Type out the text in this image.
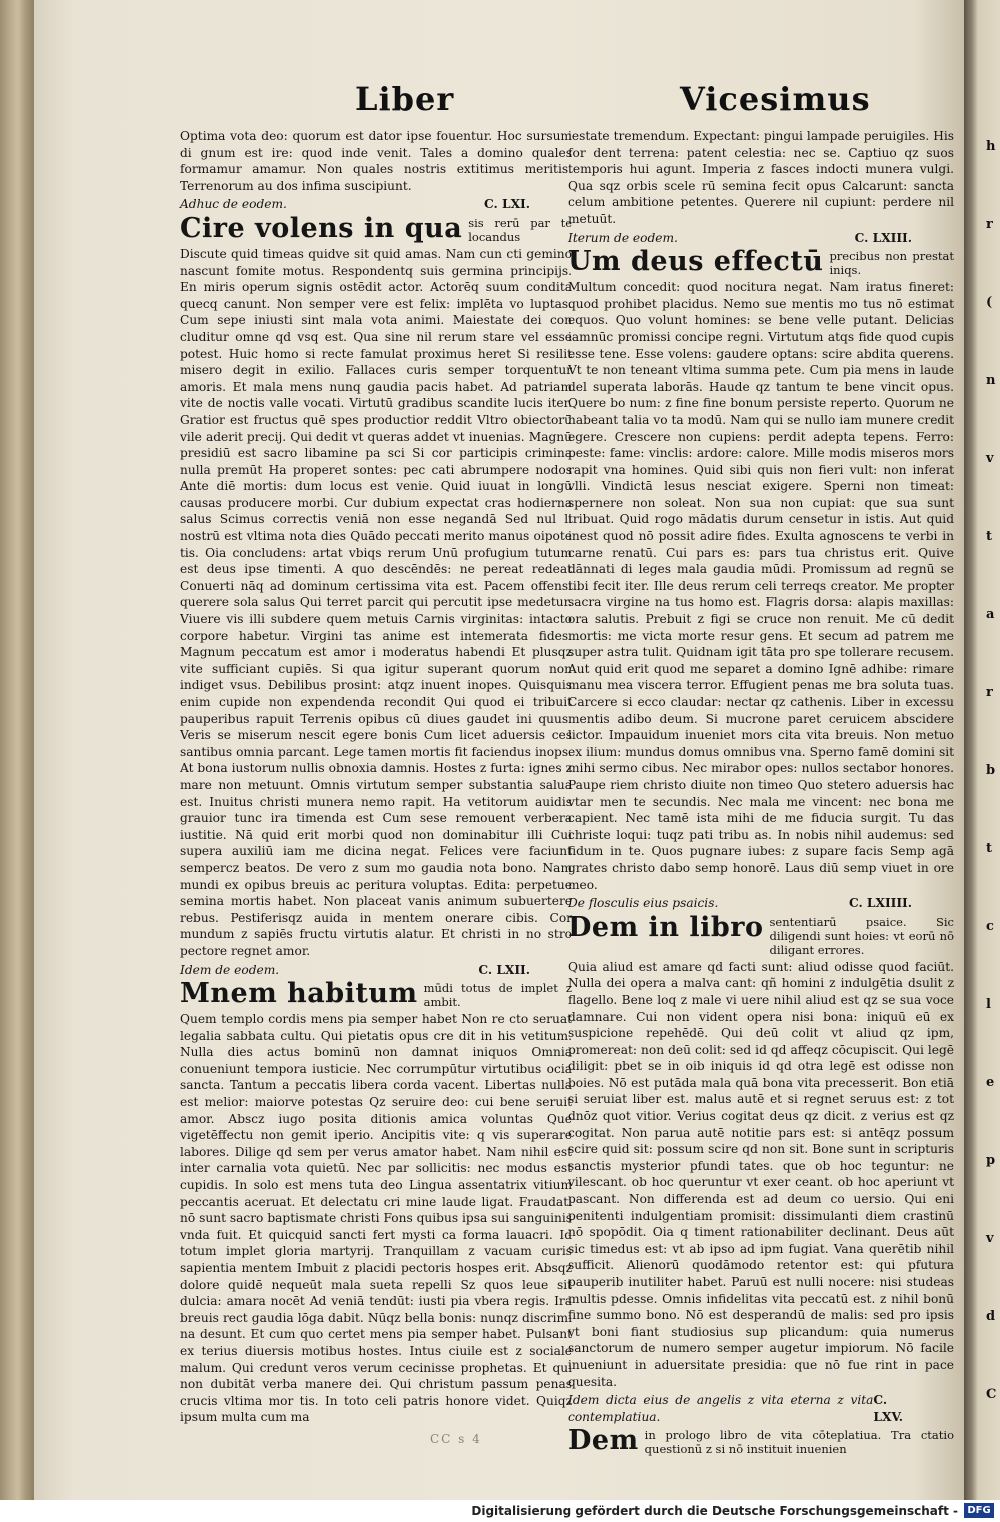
h
r
(
n
v
t
a
r
b
t
c
l
e
p
v
d
C
Liber	Vicesimus

Optima vota deo: quorum est dator ipse fouentur. Hoc sursum di gnum est ire: quod inde venit. Tales a domino quales formamur amamur. Non quales nostris extitimus meritis. Terrenorum au dos infima suscipiunt.

Adhuc de eodem.	C. LXI.
Cire volens in qua sis rerū par te locandus

Discute quid timeas quidve sit quid amas. Nam cun cti gemino nascunt fomite motus. Respondentq suis germina principijs. En miris operum signis ostēdit actor. Actorēq suum condita quecq canunt. Non semper vere est felix: implēta vo luptas. Cum sepe iniusti sint mala vota animi. Maiestate dei con cluditur omne qd vsq est. Qua sine nil rerum stare vel esse potest. Huic homo si recte famulat proximus heret Si resilit misero degit in exilio. Fallaces curis semper torquentur amoris. Et mala mens nunq gaudia pacis habet. Ad patriam vite de noctis valle vocati. Virtutū gradibus scandite lucis iter. Gratior est fructus quē spes productior reddit Vltro obiectorū vile aderit precij. Qui dedit vt queras addet vt inuenias. Magnū presidiū est sacro libamine pa sci Si cor participis crimina nulla premūt Ha properet sontes: pec cati abrumpere nodos Ante diē mortis: dum locus est venie. Quid iuuat in longū causas producere morbi. Cur dubium expectat cras hodierna salus Scimus correctis veniā non esse negandā Sed nul li nostrū est vltima nota dies Quādo peccati merito manus oipote tis. Oia concludens: artat vbiqs rerum Unū profugium tutum est deus ipse timenti. A quo descēndēs: ne pereat redeat Conuerti nāq ad dominum certissima vita est. Pacem offensi querere sola salus Qui terret parcit qui percutit ipse medetur. Viuere vis illi subdere quem metuis Carnis virginitas: intacto corpore habetur. Virgini tas anime est intemerata fides. Magnum peccatum est amor i moderatus habendi Et plusqz vite sufficiant cupiēs. Si qua igitur superant quorum non indiget vsus. Debilibus prosint: atqz inuent inopes. Quisquis enim cupide non expendenda recondit Qui quod ei tribuit pauperibus rapuit Terrenis opibus cū diues gaudet ini quus. Veris se miserum nescit egere bonis Cum licet aduersis ces santibus omnia parcant. Lege tamen mortis fit faciendus inops. At bona iustorum nullis obnoxia damnis. Hostes z furta: ignes z mare non metuunt. Omnis virtutum semper substantia salua est. Inuitus christi munera nemo rapit. Ha vetitorum auidis grauior tunc ira timenda est Cum sese remouent verbera iustitie. Nā quid erit morbi quod non dominabitur illi Cui supera auxiliū iam me dicina negat. Felices vere faciunt sempercz beatos. De vero z sum mo gaudia nota bono. Nam mundi ex opibus breuis ac peritura voluptas. Edita: perpetue semina mortis habet. Non placeat vanis animum subuertere rebus. Pestiferisqz auida in mentem onerare cibis. Cor mundum z sapiēs fructu virtutis alatur. Et christi in no stro pectore regnet amor.

Idem de eodem.	C. LXII.
Mnem habitum mūdi totus de implet z ambit.

Quem templo cordis mens pia semper habet Non re cto seruat legalia sabbata cultu. Qui pietatis opus cre dit in his vetitum. Nulla dies actus bominū non damnat iniquos Omnia conueniunt tempora iusticie. Nec corrumpūtur virtutibus ocia sancta. Tantum a peccatis libera corda vacent. Libertas nulla est melior: maiorve potestas Qz seruire deo: cui bene seruit amor. Abscz iugo posita ditionis amica voluntas Que vigetēffectu non gemit iperio. Ancipitis vite: q vis superare labores. Dilige qd sem per verus amator habet. Nam nihil est inter carnalia vota quietū. Nec par sollicitis: nec modus est cupidis. In solo est mens tuta deo Lingua assentatrix vitium peccantis aceruat. Et delectatu cri mine laude ligat. Fraudati nō sunt sacro baptismate christi Fons quibus ipsa sui sanguinis vnda fuit. Et quicquid sancti fert mysti ca forma lauacri. Id totum implet gloria martyrij. Tranquillam z vacuam curis sapientia mentem Imbuit z placidi pectoris hospes erit. Absqz dolore quidē nequeūt mala sueta repelli Sz quos leue sit dulcia: amara nocēt Ad veniā tendūt: iusti pia vbera regis. Ira breuis rect gaudia lōga dabit. Nūqz bella bonis: nunqz discrimi na desunt. Et cum quo certet mens pia semper habet. Pulsant ex terius diuersis motibus hostes. Intus ciuile est z sociale malum. Qui credunt veros verum cecinisse prophetas. Et qui non dubitāt verba manere dei. Qui christum passum penas crucis vltima mor tis. In toto celi patris honore videt. Quiqz ipsum multa cum ma

iestate tremendum. Expectant: pingui lampade peruigiles. His for dent terrena: patent celestia: nec se. Captiuo qz suos temporis hui agunt. Imperia z fasces indocti munera vulgi. Qua sqz orbis scele rū semina fecit opus Calcarunt: sancta celum ambitione petentes. Querere nil cupiunt: perdere nil metuūt.

Iterum de eodem.	C. LXIII.
Um deus effectū precibus non prestat iniqs.

Multum concedit: quod nocitura negat. Nam iratus fineret: quod prohibet placidus. Nemo sue mentis mo tus nō estimat equos. Quo volunt homines: se bene velle putant. Delicias iamnūc promissi concipe regni. Virtutum atqs fide quod cupis esse tene. Esse volens: gaudere optans: scire abdita querens. Vt te non teneant vltima summa pete. Cum pia mens in laude del superata laborās. Haude qz tantum te bene vincit opus. Quere bo num: z fine fine bonum persiste reperto. Quorum ne habeant talia vo ta modū. Nam qui se nullo iam munere credit egere. Crescere non cupiens: perdit adepta tepens. Ferro: peste: fame: vinclis: ardore: calore. Mille modis miseros mors rapit vna homines. Quid sibi quis non fieri vult: non inferat vlli. Vindictā lesus nesciat exigere. Sperni non timeat: spernere non soleat. Non sua non cupiat: que sua sunt tribuat. Quid rogo mādatis durum censetur in istis. Aut quid inest quod nō possit adire fides. Exulta agnoscens te verbi in carne renatū. Cui̇ pars es: pars tua christus erit. Quive dānnati di leges mala gaudia mūdi. Promissum ad regnū se tibi fecit iter. Ille deus rerum celi terreqs creator. Me propter sacra virgine na tus homo est. Flagris dorsa: alapis maxillas: ora salutis. Prebuit z figi se cruce non renuit. Me cū dedit mortis: me victa morte resur gens. Et secum ad patrem me super astra tulit. Quidnam igit tāta pro spe tollerare recusem. Aut quid erit quod me separet a domino Ignē adhibe: rimare manu mea viscera terror. Effugient penas me bra soluta tuas. Carcere si ecco claudar: nectar qz cathenis. Liber in excessu mentis adibo deum. Si mucrone paret ceruicem abscidere lictor. Impauidum inueniet mors cita vita breuis. Non metuo ex ilium: mundus domus omnibus vna. Sperno famē domini sit mihi sermo cibus. Nec mirabor opes: nullos sectabor honores. Paupe riem christo diuite non timeo Quo stetero aduersis hac vtar men te secundis. Nec mala me vincent: nec bona me capient. Nec tamē ista mihi de me fiducia surgit. Tu das christe loqui: tuqz pati tribu as. In nobis nihil audemus: sed fidum in te. Quos pugnare iubes: z supare facis Semp agā grates christo dabo semp honorē. Laus diū semp viuet in ore meo.

De flosculis eius psaicis.	C. LXIIII.
Dem in libro sententiarū psaice. Sic diligendi sunt hoies: vt eorū nō diligant errores.

Quia aliud est amare qd facti sunt: aliud odisse quod faciūt. Nulla dei opera a malva cant: qñ homini z indulgētia dsulit z flagello. Bene loq z male vi uere nihil aliud est qz se sua voce damnare. Cui̇ non vident opera nisi bona: iniquū eū ex suspicione repehēdē. Qui deū colit vt aliud qz ipm, promereat: non deū colit: sed id qd affeqz cōcupiscit. Qui legē diligit: pbet se in oib iniquis id qd otra legē est odisse non boies. Nō est putāda mala quā bona vita precesserit. Bon etiā si seruiat liber est. malus autē et si regnet seruus est: z tot dnōz quot vitior. Verius cogitat deus qz dicit. z verius est qz cogitat. Non parua autē notitie pars est: si antēqz possum scire quid sit: possum scire qd non sit. Bone sunt in scripturis sanctis mysterior pfundi tates. que ob hoc teguntur: ne vilescant. ob hoc queruntur vt exer ceant. ob hoc aperiunt vt pascant. Non differenda est ad deum co uersio. Qui eni penitenti indulgentiam promisit: dissimulanti diem crastinū nō spopōdit. Oia q timent rationabiliter declinant. Deus aūt sic timedus est: vt ab ipso ad ipm fugiat. Vana querētib nihil sufficit. Alienorū quodāmodo retentor est: qui pfutura pauperib inutiliter habet. Paruū est nulli nocere: nisi studeas multis pdesse. Omnis infidelitas vita peccatū est. z nihil bonū fine summo bono. Nō est desperandū de malis: sed pro ipsis vt boni fiant studiosius sup plicandum: quia numerus sanctorum de numero semper augetur impiorum. Nō facile inueniunt in aduersitate presidia: que nō fue rint in pace quesita.

Idem dicta eius de angelis z vita eterna z vita contemplatiua.
C. LXV.
Dem in prologo libro de vita cōteplatiua. Tra ctatio questionū z si nō instituit inuenien
CC s 4
Digitalisierung gefördert durch die Deutsche Forschungsgemeinschaft - DFG
